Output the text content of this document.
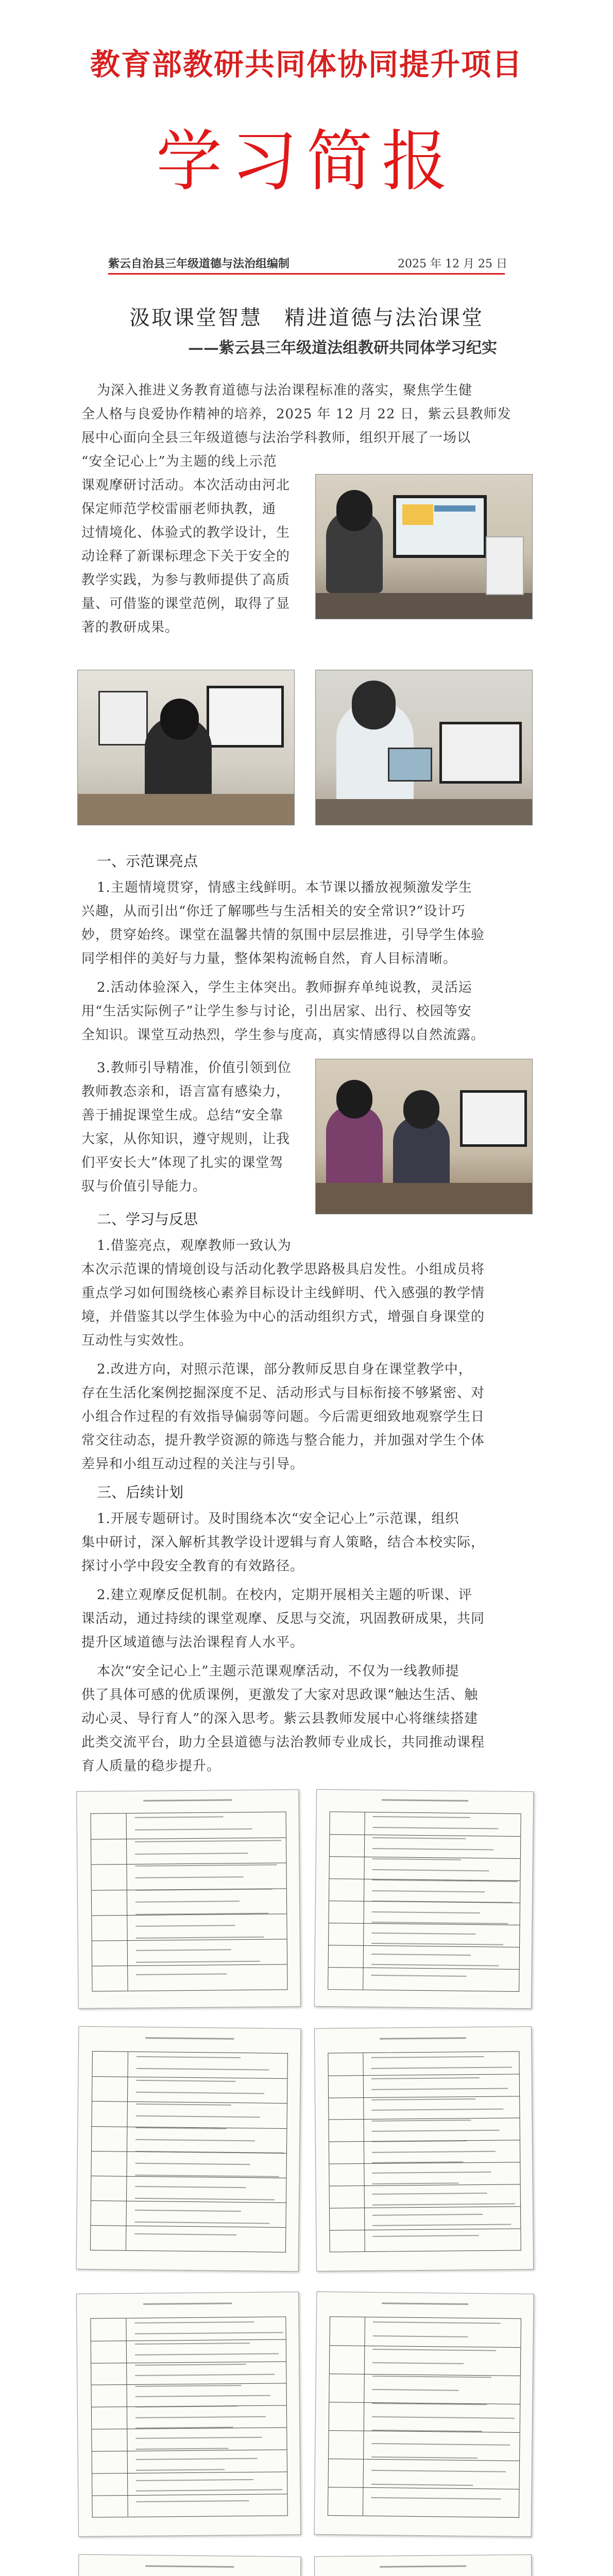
教育部教研共同体协同提升项目
学习简报
紫云自治县三年级道德与法治组编制	2025 年 12 月 25 日
汲取课堂智慧　精进道德与法治课堂
——紫云县三年级道法组教研共同体学习纪实
为深入推进义务教育道德与法治课程标准的落实，聚焦学生健
全人格与良爱协作精神的培养，2025 年 12 月 22 日，紫云县教师发
展中心面向全县三年级道德与法治学科教师，组织开展了一场以
“安全记心上”为主题的线上示范
课观摩研讨活动。本次活动由河北
保定师范学校雷丽老师执教，通
过情境化、体验式的教学设计，生
动诠释了新课标理念下关于安全的
教学实践，为参与教师提供了高质
量、可借鉴的课堂范例，取得了显
著的教研成果。
一、示范课亮点
1.主题情境贯穿，情感主线鲜明。本节课以播放视频激发学生
兴趣，从而引出“你迁了解哪些与生活相关的安全常识?”设计巧
妙，贯穿始终。课堂在温馨共情的氛围中层层推进，引导学生体验
同学相伴的美好与力量，整体架构流畅自然，育人目标清晰。
2.活动体验深入，学生主体突出。教师摒弃单纯说教，灵活运
用“生活实际例子”让学生参与讨论，引出居家、出行、校园等安
全知识。课堂互动热烈，学生参与度高，真实情感得以自然流露。
3.教师引导精准，价值引领到位
教师教态亲和，语言富有感染力，
善于捕捉课堂生成。总结“安全靠
大家，从你知识，遵守规则，让我
们平安长大”体现了扎实的课堂驾
驭与价值引导能力。
二、学习与反思
1.借鉴亮点，观摩教师一致认为
本次示范课的情境创设与活动化教学思路极具启发性。小组成员将
重点学习如何围绕核心素养目标设计主线鲜明、代入感强的教学情
境，并借鉴其以学生体验为中心的活动组织方式，增强自身课堂的
互动性与实效性。
2.改进方向，对照示范课，部分教师反思自身在课堂教学中，
存在生活化案例挖掘深度不足、活动形式与目标衔接不够紧密、对
小组合作过程的有效指导偏弱等问题。今后需更细致地观察学生日
常交往动态，提升教学资源的筛选与整合能力，并加强对学生个体
差异和小组互动过程的关注与引导。
三、后续计划
1.开展专题研讨。及时围绕本次“安全记心上”示范课，组织
集中研讨，深入解析其教学设计逻辑与育人策略，结合本校实际，
探讨小学中段安全教育的有效路径。
2.建立观摩反促机制。在校内，定期开展相关主题的听课、评
课活动，通过持续的课堂观摩、反思与交流，巩固教研成果，共同
提升区域道德与法治课程育人水平。
本次“安全记心上”主题示范课观摩活动，不仅为一线教师提
供了具体可感的优质课例，更激发了大家对思政课“触达生活、触
动心灵、导行育人”的深入思考。紫云县教师发展中心将继续搭建
此类交流平台，助力全县道德与法治教师专业成长，共同推动课程
育人质量的稳步提升。
